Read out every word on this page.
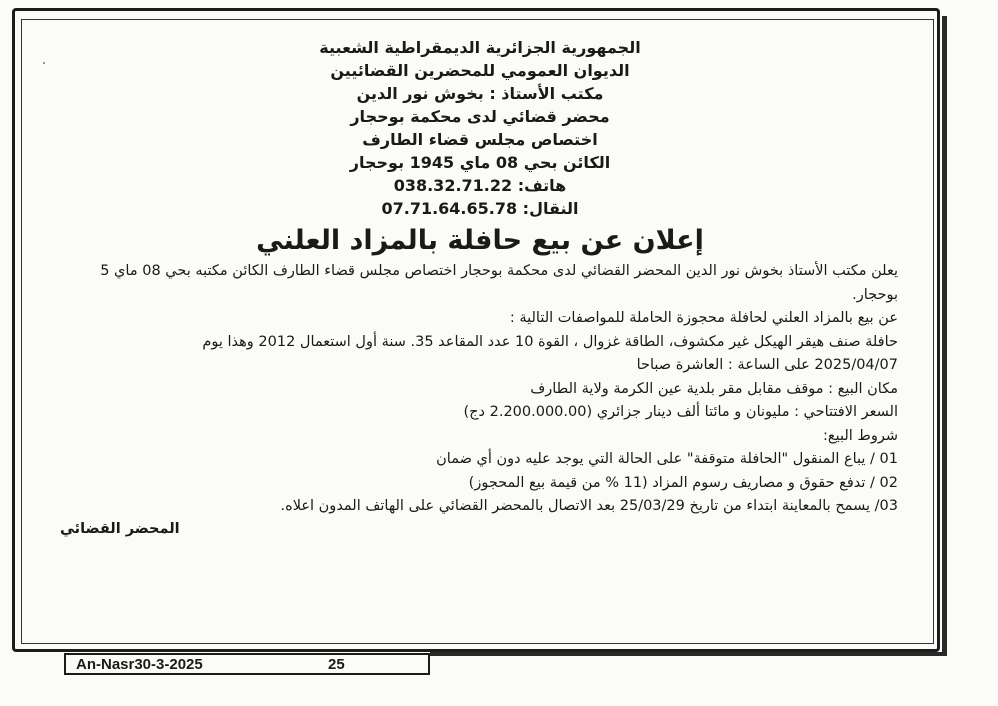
الجمهورية الجزائرية الديمقراطية الشعبية
الديوان العمومي للمحضرين القضائيين
مكتب الأستاذ : بخوش نور الدين
محضر قضائي لدى محكمة بوحجار
اختصاص مجلس قضاء الطارف
الكائن بحي 08 ماي 1945 بوحجار
هاتف: 038.32.71.22
النقال: 07.71.64.65.78
إعلان عن بيع حافلة بالمزاد العلني

يعلن مكتب الأستاذ بخوش نور الدين المحضر القضائي لدى محكمة بوحجار اختصاص مجلس قضاء الطارف الكائن مكتبه بحي 08 ماي 5 بوحجار.

عن بيع بالمزاد العلني لحافلة محجوزة الحاملة للمواصفات التالية :

حافلة صنف هيقر الهيكل غير مكشوف، الطاقة غزوال ، القوة 10 عدد المقاعد 35. سنة أول استعمال 2012 وهذا يوم

2025/04/07 على الساعة : العاشرة صباحا

مكان البيع : موقف مقابل مقر بلدية عين الكرمة ولاية الطارف

السعر الافتتاحي : مليونان و مائتا ألف دينار جزائري (2.200.000.00 دج)

شروط البيع:

01 / يباع المنقول "الحافلة متوقفة" على الحالة التي يوجد عليه دون أي ضمان

02 / تدفع حقوق و مصاريف رسوم المزاد (11 % من قيمة بيع المحجوز)

03/ يسمح بالمعاينة ابتداء من تاريخ 25/03/29 بعد الاتصال بالمحضر القضائي على الهاتف المدون اعلاه.

المحضر القضائي
An-Nasr30-3-2025	25
